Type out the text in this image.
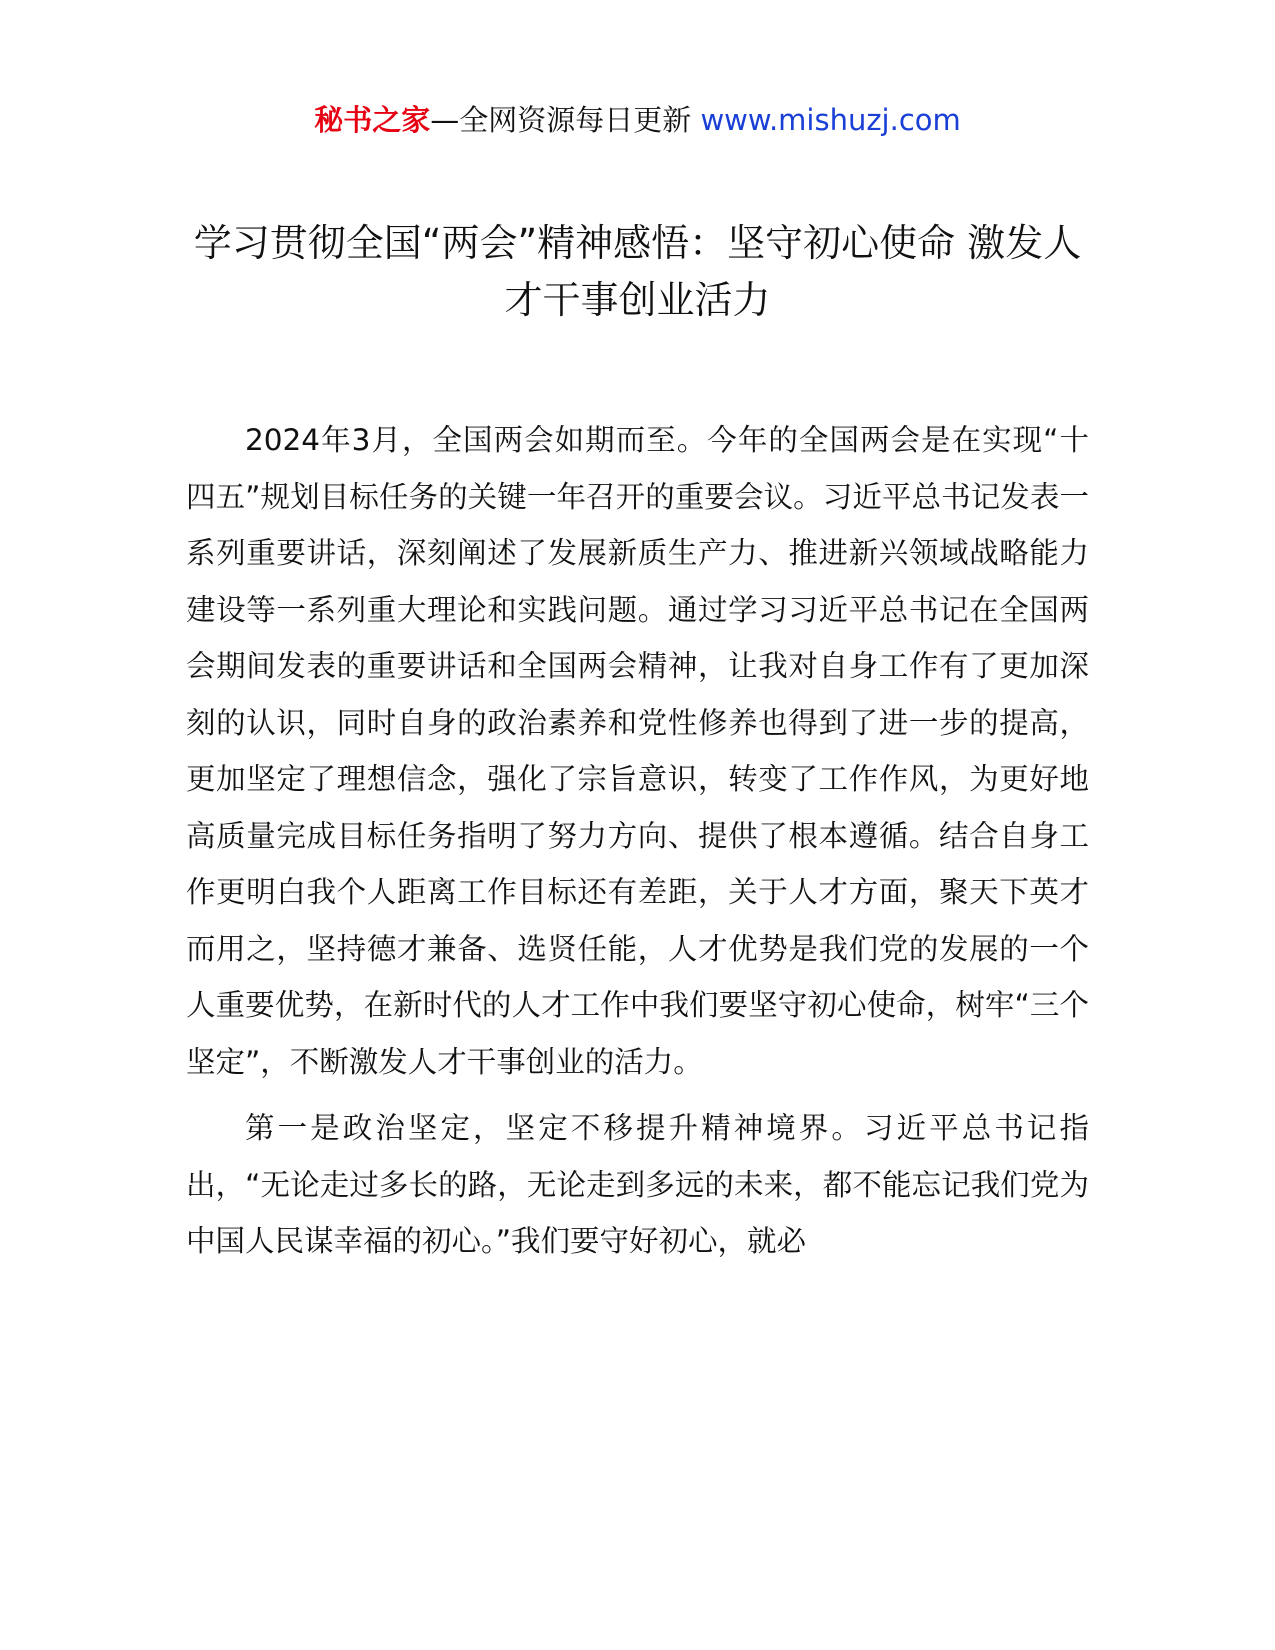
秘书之家—全网资源每日更新 www.mishuzj.com
学习贯彻全国“两会”精神感悟：坚守初心使命 激发人才干事创业活力

2024年3月，全国两会如期而至。今年的全国两会是在实现“十四五”规划目标任务的关键一年召开的重要会议。习近平总书记发表一系列重要讲话，深刻阐述了发展新质生产力、推进新兴领域战略能力建设等一系列重大理论和实践问题。通过学习习近平总书记在全国两会期间发表的重要讲话和全国两会精神，让我对自身工作有了更加深刻的认识，同时自身的政治素养和党性修养也得到了进一步的提高，更加坚定了理想信念，强化了宗旨意识，转变了工作作风，为更好地高质量完成目标任务指明了努力方向、提供了根本遵循。结合自身工作更明白我个人距离工作目标还有差距，关于人才方面，聚天下英才而用之，坚持德才兼备、选贤任能，人才优势是我们党的发展的一个人重要优势，在新时代的人才工作中我们要坚守初心使命，树牢“三个坚定”，不断激发人才干事创业的活力。

第一是政治坚定，坚定不移提升精神境界。习近平总书记指出，“无论走过多长的路，无论走到多远的未来，都不能忘记我们党为中国人民谋幸福的初心。”我们要守好初心，就必
